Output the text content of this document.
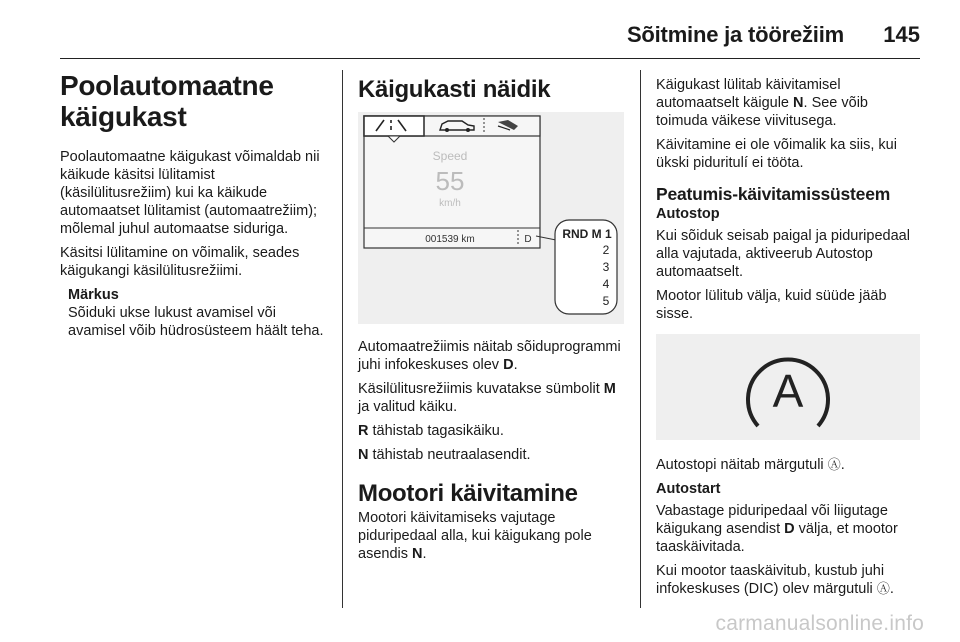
Sõitmine ja töörežiim 145
Poolautomaatne käigukast

Poolautomaatne käigukast võimaldab nii käikude käsitsi lülitamist (käsilülitusrežiim) kui ka käikude automaatset lülitamist (automaatrežiim); mõlemal juhul automaatse siduriga.

Käsitsi lülitamine on võimalik, seades käigukangi käsilülitusrežiimi.

Märkus

Sõiduki ukse lukust avamisel või avamisel võib hüdrosüsteem häält teha.

Käigukasti näidik
Speed
55
km/h
001539 km	D	RND M 1
2
3
4
5

Automaatrežiimis näitab sõiduprogrammi juhi infokeskuses olev D.

Käsilülitusrežiimis kuvatakse sümbolit M ja valitud käiku.

R tähistab tagasikäiku.

N tähistab neutraalasendit.

Mootori käivitamine

Mootori käivitamiseks vajutage piduripedaal alla, kui käigukang pole asendis N.

Käigukast lülitab käivitamisel automaatselt käigule N. See võib toimuda väikese viivitusega.

Käivitamine ei ole võimalik ka siis, kui ükski piduritulí ei tööta.

Peatumis-käivitamissüsteem
Autostop

Kui sõiduk seisab paigal ja piduripedaal alla vajutada, aktiveerub Autostop automaatselt.

Mootor lülitub välja, kuid süüde jääb sisse.

A

Autostopi näitab märgutuli Ⓐ.

Autostart

Vabastage piduripedaal või liigutage käigukang asendist D välja, et mootor taaskäivitada.

Kui mootor taaskäivitub, kustub juhi infokeskuses (DIC) olev märgutuli Ⓐ.

carmanualsonline.info
